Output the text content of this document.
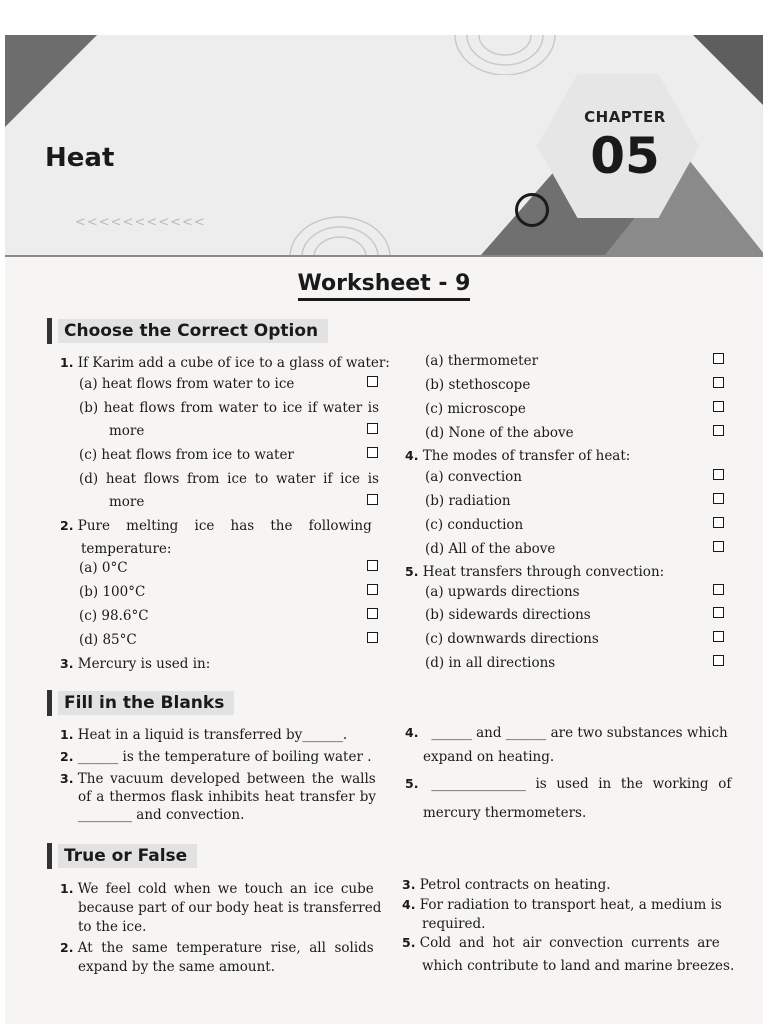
CHAPTER
05
<<<<<<<<<<<
Heat
Worksheet - 9
Choose the Correct Option
1. If Karim add a cube of ice to a glass of water:
(a) heat flows from water to ice
(b) heat flows from water to ice if water is
more
(c) heat flows from ice to water
(d) heat flows from ice to water if ice is
more
2. Pure melting ice has the following
temperature:
(a) 0°C
(b) 100°C
(c) 98.6°C
(d) 85°C
3. Mercury is used in:
(a) thermometer
(b) stethoscope
(c) microscope
(d) None of the above
4. The modes of transfer of heat:
(a) convection
(b) radiation
(c) conduction
(d) All of the above
5. Heat transfers through convection:
(a) upwards directions
(b) sidewards directions
(c) downwards directions
(d) in all directions
Fill in the Blanks
1. Heat in a liquid is transferred by______.
2. ______ is the temperature of boiling water .
3. The vacuum developed between the walls
of a thermos flask inhibits heat transfer by
________ and convection.
4. ______ and ______ are two substances which
expand on heating.
5. ______________ is used in the working of
mercury thermometers.
True or False
1. We feel cold when we touch an ice cube
because part of our body heat is transferred
to the ice.
2. At the same temperature rise, all solids
expand by the same amount.
3. Petrol contracts on heating.
4. For radiation to transport heat, a medium is
required.
5. Cold and hot air convection currents are
which contribute to land and marine breezes.
